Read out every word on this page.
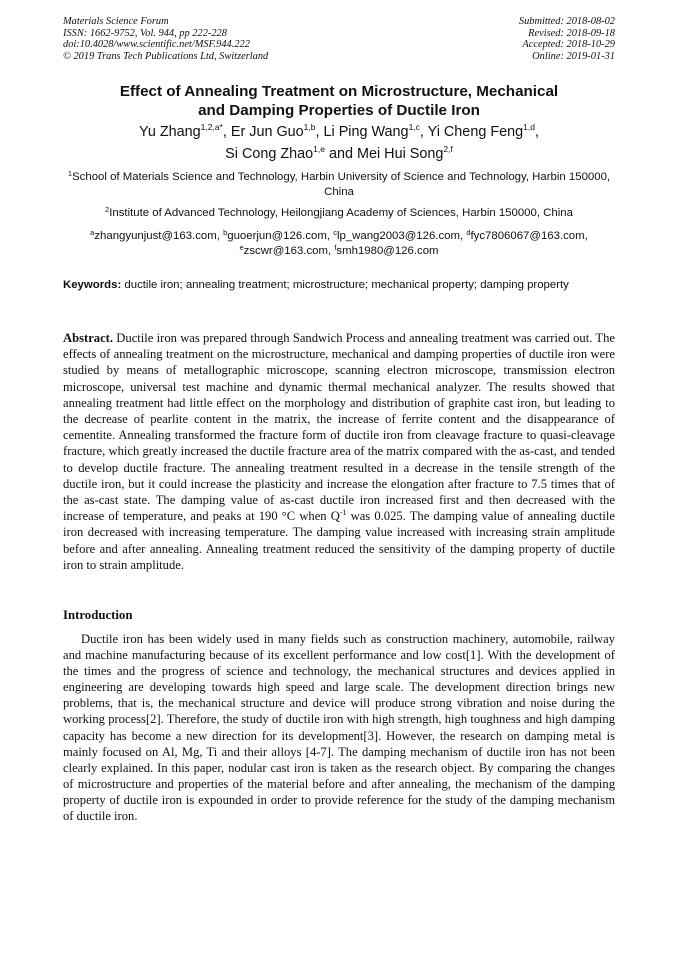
Materials Science Forum
ISSN: 1662-9752, Vol. 944, pp 222-228
doi:10.4028/www.scientific.net/MSF.944.222
© 2019 Trans Tech Publications Ltd, Switzerland
Submitted: 2018-08-02
Revised: 2018-09-18
Accepted: 2018-10-29
Online: 2019-01-31
Effect of Annealing Treatment on Microstructure, Mechanical
and Damping Properties of Ductile Iron
Yu Zhang$^{1,2,a*}$, Er Jun Guo$^{1,b}$, Li Ping Wang$^{1,c}$, Yi Cheng Feng$^{1,d}$,
Si Cong Zhao$^{1,e}$ and Mei Hui Song$^{2,f}$
$^1$School of Materials Science and Technology, Harbin University of Science and Technology, Harbin 150000, China
$^2$Institute of Advanced Technology, Heilongjiang Academy of Sciences, Harbin 150000, China
$^a$zhangyunjust@163.com, $^b$guoerjun@126.com, $^c$lp_wang2003@126.com, $^d$fyc7806067@163.com,
$^e$zscwr@163.com, $^f$smh1980@126.com
Keywords: ductile iron; annealing treatment; microstructure; mechanical property; damping property
Abstract. Ductile iron was prepared through Sandwich Process and annealing treatment was carried out. The effects of annealing treatment on the microstructure, mechanical and damping properties of ductile iron were studied by means of metallographic microscope, scanning electron microscope, transmission electron microscope, universal test machine and dynamic thermal mechanical analyzer. The results showed that annealing treatment had little effect on the morphology and distribution of graphite cast iron, but leading to the decrease of pearlite content in the matrix, the increase of ferrite content and the disappearance of cementite. Annealing transformed the fracture form of ductile iron from cleavage fracture to quasi-cleavage fracture, which greatly increased the ductile fracture area of the matrix compared with the as-cast, and tended to develop ductile fracture. The annealing treatment resulted in a decrease in the tensile strength of the ductile iron, but it could increase the plasticity and increase the elongation after fracture to 7.5 times that of the as-cast state. The damping value of as-cast ductile iron increased first and then decreased with the increase of temperature, and peaks at 190 °C when $Q^{-1}$ was 0.025. The damping value of annealing ductile iron decreased with increasing temperature. The damping value increased with increasing strain amplitude before and after annealing. Annealing treatment reduced the sensitivity of the damping property of ductile iron to strain amplitude.
Introduction
Ductile iron has been widely used in many fields such as construction machinery, automobile, railway and machine manufacturing because of its excellent performance and low cost[1]. With the development of the times and the progress of science and technology, the mechanical structures and devices applied in engineering are developing towards high speed and large scale. The development direction brings new problems, that is, the mechanical structure and device will produce strong vibration and noise during the working process[2]. Therefore, the study of ductile iron with high strength, high toughness and high damping capacity has become a new direction for its development[3]. However, the research on damping metal is mainly focused on Al, Mg, Ti and their alloys [4-7]. The damping mechanism of ductile iron has not been clearly explained. In this paper, nodular cast iron is taken as the research object. By comparing the changes of microstructure and properties of the material before and after annealing, the mechanism of the damping property of ductile iron is expounded in order to provide reference for the study of the damping mechanism of ductile iron.
